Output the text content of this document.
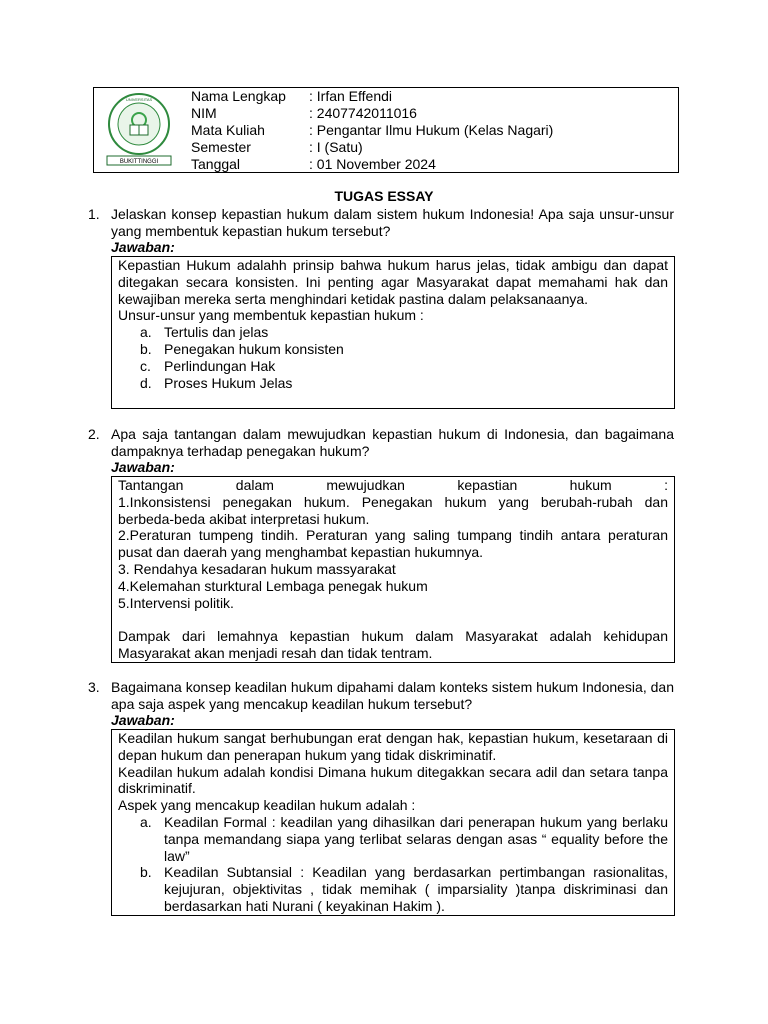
UNIVERSITAS
BUKITTINGGI
Nama Lengkap	: Irfan Effendi
NIM	: 2407742011016
Mata Kuliah	: Pengantar Ilmu Hukum (Kelas Nagari)
Semester	: I (Satu)
Tanggal	: 01 November 2024
TUGAS ESSAY
1. Jelaskan konsep kepastian hukum dalam sistem hukum Indonesia! Apa saja unsur-unsur yang membentuk kepastian hukum tersebut?
Jawaban:

Kepastian Hukum adalahh prinsip bahwa hukum harus jelas, tidak ambigu dan dapat ditegakan secara konsisten. Ini penting agar Masyarakat dapat memahami hak dan kewajiban mereka serta menghindari ketidak pastina dalam pelaksanaanya.

Unsur-unsur yang membentuk kepastian hukum :

a. Tertulis dan jelas
b. Penegakan hukum konsisten
c. Perlindungan Hak
d. Proses Hukum Jelas
2. Apa saja tantangan dalam mewujudkan kepastian hukum di Indonesia, dan bagaimana dampaknya terhadap penegakan hukum?
Jawaban:

Tantangan dalam mewujudkan kepastian hukum :

1.Inkonsistensi penegakan hukum. Penegakan hukum yang berubah-rubah dan berbeda-beda akibat interpretasi hukum.

2.Peraturan tumpeng tindih. Peraturan yang saling tumpang tindih antara peraturan pusat dan daerah yang menghambat kepastian hukumnya.

3. Rendahya kesadaran hukum massyarakat

4.Kelemahan sturktural Lembaga penegak hukum

5.Intervensi politik.

Dampak dari lemahnya kepastian hukum dalam Masyarakat adalah kehidupan Masyarakat akan menjadi resah dan tidak tentram.

3. Bagaimana konsep keadilan hukum dipahami dalam konteks sistem hukum Indonesia, dan apa saja aspek yang mencakup keadilan hukum tersebut?
Jawaban:

Keadilan hukum sangat berhubungan erat dengan hak, kepastian hukum, kesetaraan di depan hukum dan penerapan hukum yang tidak diskriminatif.

Keadilan hukum adalah kondisi Dimana hukum ditegakkan secara adil dan setara tanpa diskriminatif.

Aspek yang mencakup keadilan hukum adalah :

a. Keadilan Formal : keadilan yang dihasilkan dari penerapan hukum yang berlaku tanpa memandang siapa yang terlibat selaras dengan asas “ equality before the law”
b. Keadilan Subtansial : Keadilan yang berdasarkan pertimbangan rasionalitas, kejujuran, objektivitas , tidak memihak ( imparsiality )tanpa diskriminasi dan berdasarkan hati Nurani ( keyakinan Hakim ).
